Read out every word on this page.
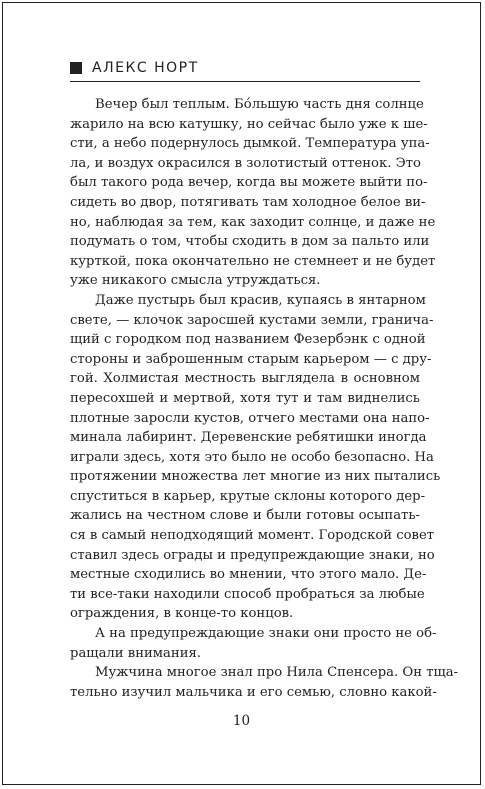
АЛЕКС НОРТ
Вечер был теплым. Бо́льшую часть дня солнце
жарило на всю катушку, но сейчас было уже к ше-
сти, а небо подернулось дымкой. Температура упа-
ла, и воздух окрасился в золотистый оттенок. Это
был такого рода вечер, когда вы можете выйти по-
сидеть во двор, потягивать там холодное белое ви-
но, наблюдая за тем, как заходит солнце, и даже не
подумать о том, чтобы сходить в дом за пальто или
курткой, пока окончательно не стемнеет и не будет
уже никакого смысла утруждаться.
Даже пустырь был красив, купаясь в янтарном
свете, — клочок заросшей кустами земли, гранича-
щий с городком под названием Фезербэнк с одной
стороны и заброшенным старым карьером — с дру-
гой. Холмистая местность выглядела в основном
пересохшей и мертвой, хотя тут и там виднелись
плотные заросли кустов, отчего местами она напо-
минала лабиринт. Деревенские ребятишки иногда
играли здесь, хотя это было не особо безопасно. На
протяжении множества лет многие из них пытались
спуститься в карьер, крутые склоны которого дер-
жались на честном слове и были готовы осыпать-
ся в самый неподходящий момент. Городской совет
ставил здесь ограды и предупреждающие знаки, но
местные сходились во мнении, что этого мало. Де-
ти все-таки находили способ пробраться за любые
ограждения, в конце-то концов.
А на предупреждающие знаки они просто не об-
ращали внимания.
Мужчина многое знал про Нила Спенсера. Он тща-
тельно изучил мальчика и его семью, словно какой-
10
